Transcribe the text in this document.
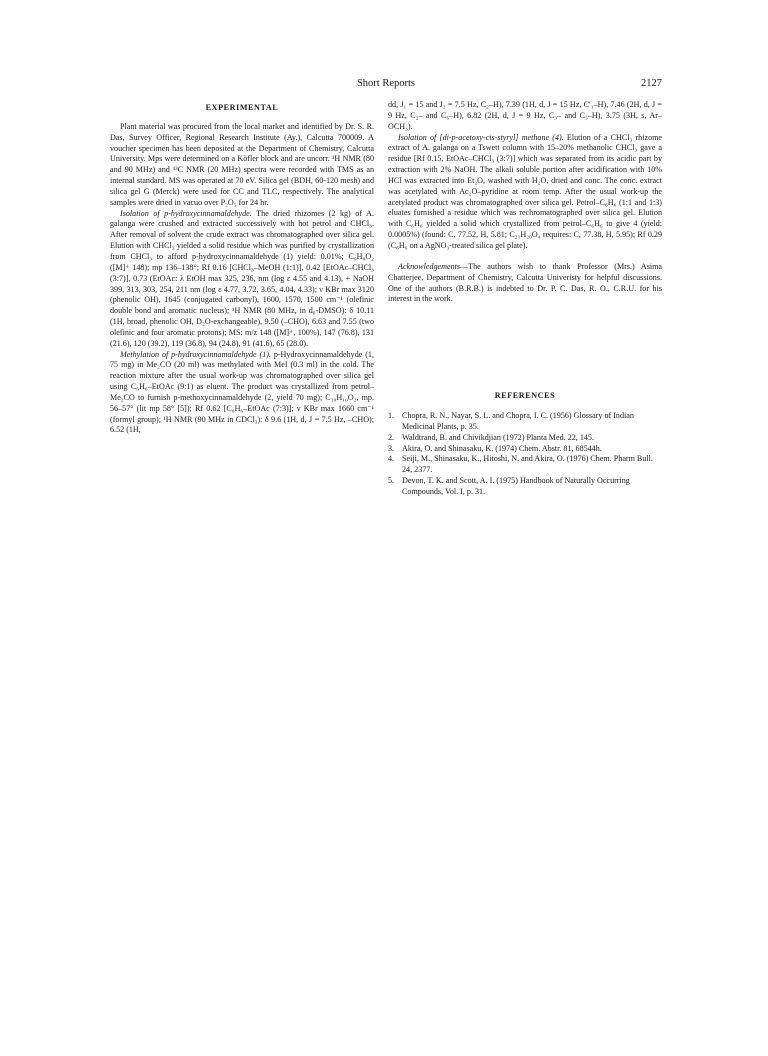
Short Reports	2127
EXPERIMENTAL

Plant material was procured from the local market and identified by Dr. S. R. Das, Survey Officer, Regional Research Institute (Ay.), Calcutta 700009. A voucher specimen has been deposited at the Department of Chemistry, Calcutta University. Mps were determined on a Köfler block and are uncorr. ¹H NMR (80 and 90 MHz) and ¹³C NMR (20 MHz) spectra were recorded with TMS as an internal standard. MS was operated at 70 eV. Silica gel (BDH, 60-120 mesh) and silica gel G (Merck) were used for CC and TLC, respectively. The analytical samples were dried in vacuo over P₂O₅ for 24 hr.

Isolation of p-hydroxycinnamaldehyde. The dried rhizomes (2 kg) of A. galanga were crushed and extracted successively with hot petrol and CHCl₃. After removal of solvent the crude extract was chromatographed over silica gel. Elution with CHCl₃ yielded a solid residue which was purified by crystallization from CHCl₃ to afford p-hydroxycinnamaldehyde (1) yield: 0.01%; C₉H₈O₂ ([M]⁺ 148); mp 136–138°; Rf 0.16 [CHCl₃–MeOH (1:1)], 0.42 [EtOAc–CHCl₃ (3:7)], 0.73 (EtOAc: λ EtOH max 325, 236, nm (log ε 4.55 and 4.13), + NaOH 399, 313, 303, 254, 211 nm (log ε 4.77, 3.72, 3.65, 4.04, 4.33); ν KBr max 3120 (phenolic OH), 1645 (conjugated carbonyl), 1600, 1570, 1500 cm⁻¹ (olefinic double bond and aromatic nucleus); ¹H NMR (80 MHz, in d₆-DMSO): δ 10.11 (1H, broad, phenolic OH, D₂O-exchangeable), 9.50 (–CHO), 6.63 and 7.55 (two olefinic and four aromatic protons); MS: m/z 148 ([M]⁺, 100%), 147 (76.8), 131 (21.6), 120 (39.2), 119 (36.8), 94 (24.8), 91 (41.6), 65 (28.0).

Methylation of p-hydroxycinnamaldehyde (1). p-Hydroxycinnamaldehyde (1, 75 mg) in Me₂CO (20 ml) was methylated with MeI (0.3 ml) in the cold. The reaction mixture after the usual work-up was chromatographed over silica gel using C₆H₆–EtOAc (9:1) as eluent. The product was crystallized from petrol–Me₂CO to furnish p-methoxycinnamaldehyde (2, yield 70 mg); C₁₀H₁₀O₂, mp. 56–57° (lit mp 58° [5]); Rf 0.62 [C₆H₆–EtOAc (7:3)]; ν KBr max 1660 cm⁻¹ (formyl group); ¹H NMR (90 MHz in CDCl₃): δ 9.6 (1H, d, J = 7.5 Hz, –CHO); 6.52 (1H,

dd, J₁ = 15 and J₂ = 7.5 Hz, C₂–H), 7.39 (1H, d, J = 15 Hz, C′₁–H), 7.46 (2H, d, J = 9 Hz, C₂– and C₆–H), 6.82 (2H, d, J = 9 Hz, C₃– and C₅–H), 3.75 (3H, s, Ar–OCH₃).

Isolation of [di-p-acetoxy-cis-styryl] methane (4). Elution of a CHCl₃ rhizome extract of A. galanga on a Tswett column with 15–20% methanolic CHCl₃ gave a residue [Rf 0.15, EtOAc–CHCl₃ (3:7)] which was separated from its acidic part by extraction with 2% NaOH. The alkali soluble portion after acidification with 10% HCl was extracted into Et₂O, washed with H₂O, dried and conc. The conc. extract was acetylated with Ac₂O–pyridine at room temp. After the usual work-up the acetylated product was chromatographed over silica gel. Petrol–C₆H₆ (1:1 and 1:3) eluates furnished a residue which was rechromatographed over silica gel. Elution with C₆H₆ yielded a solid which crystallized from petrol–C₆H₆ to give 4 (yield: 0.0005%) (found: C, 77.52, H, 5.81; C₂₁H₂₀O₄ requires: C, 77.38, H, 5.95); Rf 0.29 (C₆H₆ on a AgNO₃-treated silica gel plate).

Acknowledgements—The authors wish to thank Professor (Mrs.) Asima Chatterjee, Department of Chemistry, Calcutta Univeristy for helpful discussions. One of the authors (B.R.B.) is indebted to Dr. P. C. Das, R. O., C.R.U. for his interest in the work.

REFERENCES
1. Chopra, R. N., Nayar, S. L. and Chopra, I. C. (1956) Glossary of Indian Medicinal Plants, p. 35.
2. Waldtrand, B. and Chivikdjian (1972) Planta Med. 22, 145.
3. Akira, O. and Shinasaku, K. (1974) Chem. Abstr. 81, 68544h.
4. Seiji, M., Shinasaku, K., Hitoshi, N. and Akira, O. (1976) Chem. Pharm Bull. 24, 2377.
5. Devon, T. K. and Scott, A. I. (1975) Handbook of Naturally Occurring Compounds, Vol. I, p. 31.
